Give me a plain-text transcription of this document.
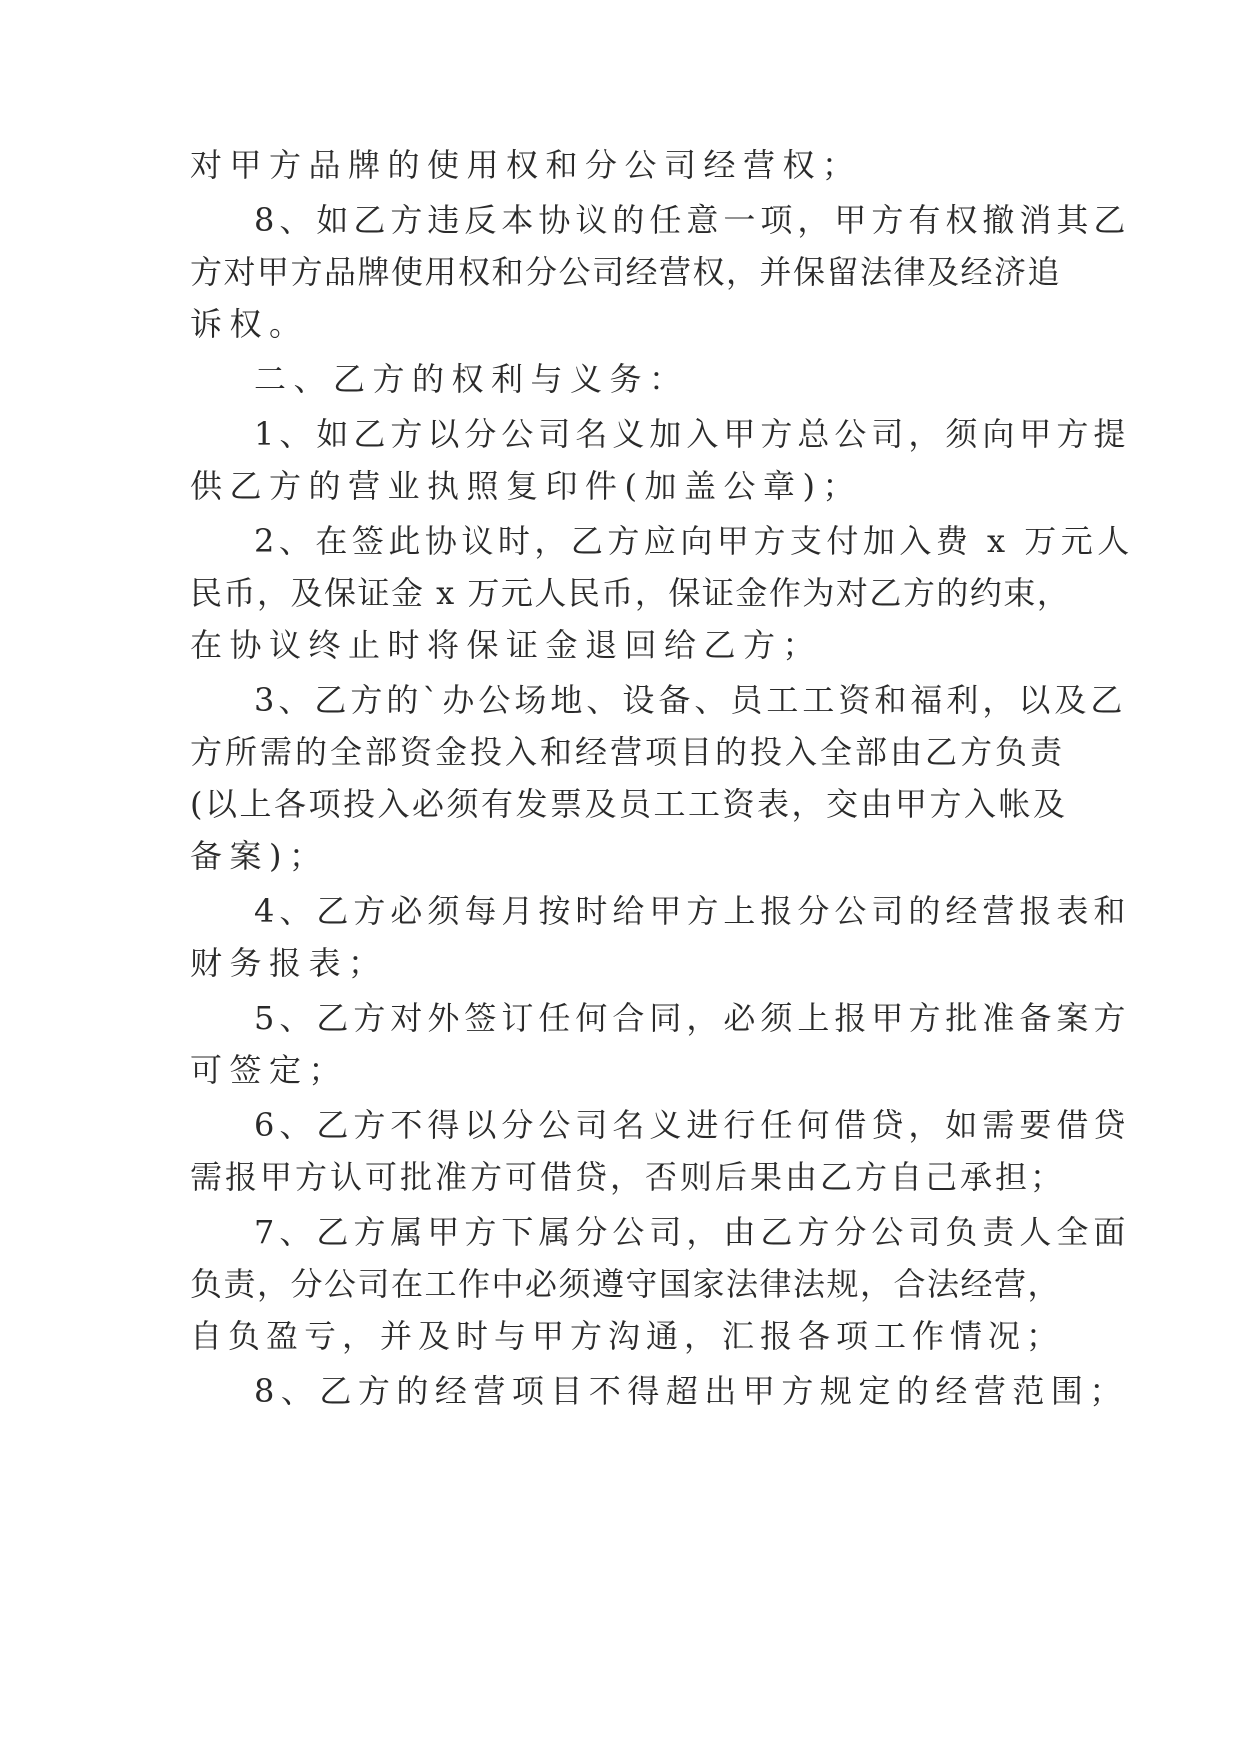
对甲方品牌的使用权和分公司经营权；
8、如乙方违反本协议的任意一项，甲方有权撤消其乙
方对甲方品牌使用权和分公司经营权，并保留法律及经济追
诉权。
二、乙方的权利与义务：
1、如乙方以分公司名义加入甲方总公司，须向甲方提
供乙方的营业执照复印件(加盖公章)；
2、在签此协议时，乙方应向甲方支付加入费 x 万元人
民币，及保证金 x 万元人民币，保证金作为对乙方的约束，
在协议终止时将保证金退回给乙方；
3、乙方的`办公场地、设备、员工工资和福利，以及乙
方所需的全部资金投入和经营项目的投入全部由乙方负责
(以上各项投入必须有发票及员工工资表，交由甲方入帐及
备案)；
4、乙方必须每月按时给甲方上报分公司的经营报表和
财务报表；
5、乙方对外签订任何合同，必须上报甲方批准备案方
可签定；
6、乙方不得以分公司名义进行任何借贷，如需要借贷
需报甲方认可批准方可借贷，否则后果由乙方自己承担；
7、乙方属甲方下属分公司，由乙方分公司负责人全面
负责，分公司在工作中必须遵守国家法律法规，合法经营，
自负盈亏，并及时与甲方沟通，汇报各项工作情况；
8、乙方的经营项目不得超出甲方规定的经营范围；
